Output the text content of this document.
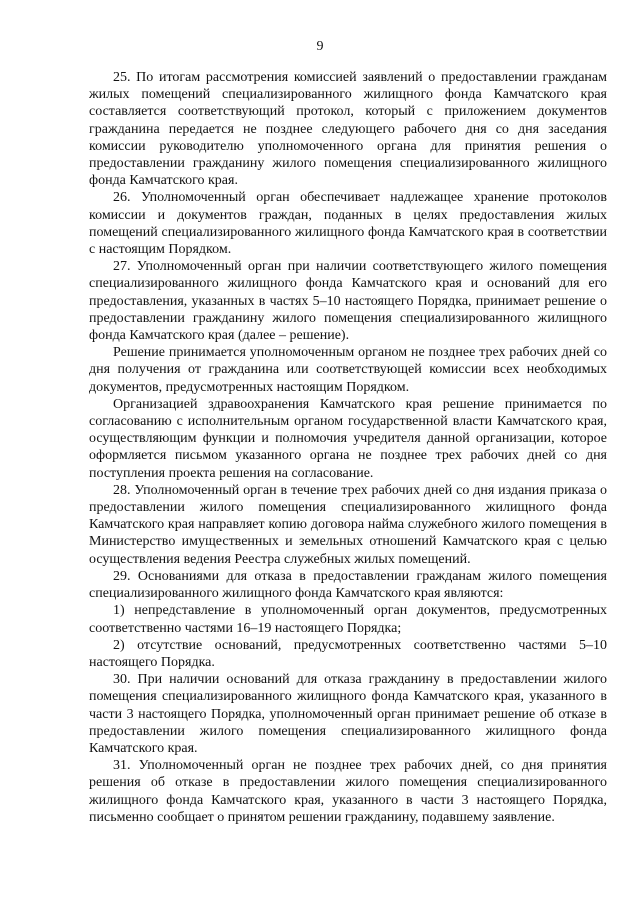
9

25. По итогам рассмотрения комиссией заявлений о предоставлении гражданам жилых помещений специализированного жилищного фонда Камчатского края составляется соответствующий протокол, который с приложением документов гражданина передается не позднее следующего рабочего дня со дня заседания комиссии руководителю уполномоченного органа для принятия решения о предоставлении гражданину жилого помещения специализированного жилищного фонда Камчатского края.

26. Уполномоченный орган обеспечивает надлежащее хранение протоколов комиссии и документов граждан, поданных в целях предоставления жилых помещений специализированного жилищного фонда Камчатского края в соответствии с настоящим Порядком.

27. Уполномоченный орган при наличии соответствующего жилого помещения специализированного жилищного фонда Камчатского края и оснований для его предоставления, указанных в частях 5–10 настоящего Порядка, принимает решение о предоставлении гражданину жилого помещения специализированного жилищного фонда Камчатского края (далее – решение).

Решение принимается уполномоченным органом не позднее трех рабочих дней со дня получения от гражданина или соответствующей комиссии всех необходимых документов, предусмотренных настоящим Порядком.

Организацией здравоохранения Камчатского края решение принимается по согласованию с исполнительным органом государственной власти Камчатского края, осуществляющим функции и полномочия учредителя данной организации, которое оформляется письмом указанного органа не позднее трех рабочих дней со дня поступления проекта решения на согласование.

28. Уполномоченный орган в течение трех рабочих дней со дня издания приказа о предоставлении жилого помещения специализированного жилищного фонда Камчатского края направляет копию договора найма служебного жилого помещения в Министерство имущественных и земельных отношений Камчатского края с целью осуществления ведения Реестра служебных жилых помещений.

29. Основаниями для отказа в предоставлении гражданам жилого помещения специализированного жилищного фонда Камчатского края являются:

1) непредставление в уполномоченный орган документов, предусмотренных соответственно частями 16–19 настоящего Порядка;

2) отсутствие оснований, предусмотренных соответственно частями 5–10 настоящего Порядка.

30. При наличии оснований для отказа гражданину в предоставлении жилого помещения специализированного жилищного фонда Камчатского края, указанного в части 3 настоящего Порядка, уполномоченный орган принимает решение об отказе в предоставлении жилого помещения специализированного жилищного фонда Камчатского края.

31. Уполномоченный орган не позднее трех рабочих дней, со дня принятия решения об отказе в предоставлении жилого помещения специализированного жилищного фонда Камчатского края, указанного в части 3 настоящего Порядка, письменно сообщает о принятом решении гражданину, подавшему заявление.
